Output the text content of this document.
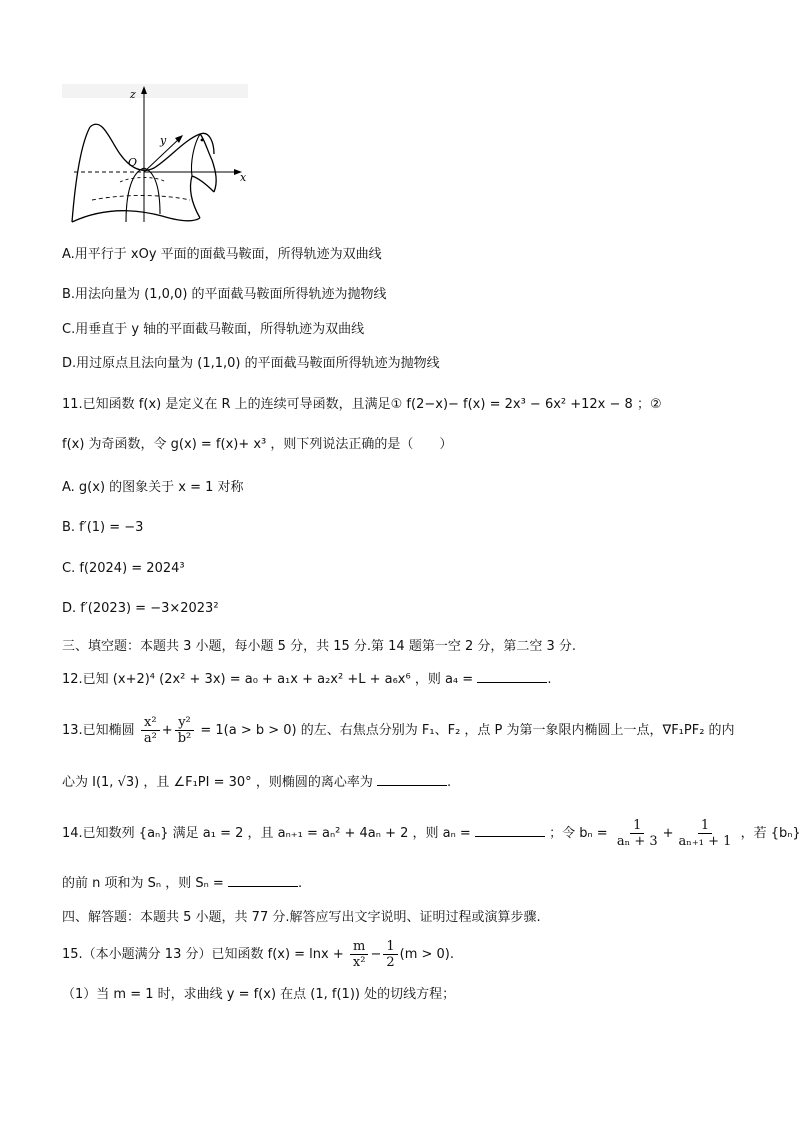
z
x
y
O
A.用平行于 xOy 平面的面截马鞍面，所得轨迹为双曲线
B.用法向量为 (1,0,0) 的平面截马鞍面所得轨迹为抛物线
C.用垂直于 y 轴的平面截马鞍面，所得轨迹为双曲线
D.用过原点且法向量为 (1,1,0) 的平面截马鞍面所得轨迹为抛物线
11.已知函数 f(x) 是定义在 R 上的连续可导函数，且满足① f(2−x)− f(x) = 2x³ − 6x² +12x − 8 ；②
f(x) 为奇函数，令 g(x) = f(x)+ x³ ，则下列说法正确的是（　　）
A. g(x) 的图象关于 x = 1 对称
B. f′(1) = −3
C. f(2024) = 2024³
D. f′(2023) = −3×2023²
三、填空题：本题共 3 小题，每小题 5 分，共 15 分.第 14 题第一空 2 分，第二空 3 分.
12.已知 (x+2)⁴ (2x² + 3x) = a₀ + a₁x + a₂x² +L + a₆x⁶ ，则 a₄ =	.
13.已知椭圆 $\frac{\text{x²}}{\text{a²}} + \frac{\text{y²}}{\text{b²}} = 1(a > b > 0)$ 的左、右焦点分别为 F₁、F₂ ，点 P 为第一象限内椭圆上一点，∇F₁PF₂ 的内
心为 I(1, √3) ，且 ∠F₁PI = 30° ，则椭圆的离心率为	.
14.已知数列 {aₙ} 满足 a₁ = 2 ，且 aₙ₊₁ = aₙ² + 4aₙ + 2 ，则 aₙ =	；令 $b_n = \frac{1}{\text{aₙ + 3}} + \frac{1}{\text{aₙ₊₁ + 1}}$ ，若 {bₙ}
的前 n 项和为 Sₙ ，则 Sₙ =	.
四、解答题：本题共 5 小题，共 77 分.解答应写出文字说明、证明过程或演算步骤.
15.（本小题满分 13 分）已知函数 $f(x) = \ln x + \frac{m}{\text{x²}} - \frac{1}{2} (m > 0)$.
（1）当 m = 1 时，求曲线 y = f(x) 在点 (1, f(1)) 处的切线方程；
